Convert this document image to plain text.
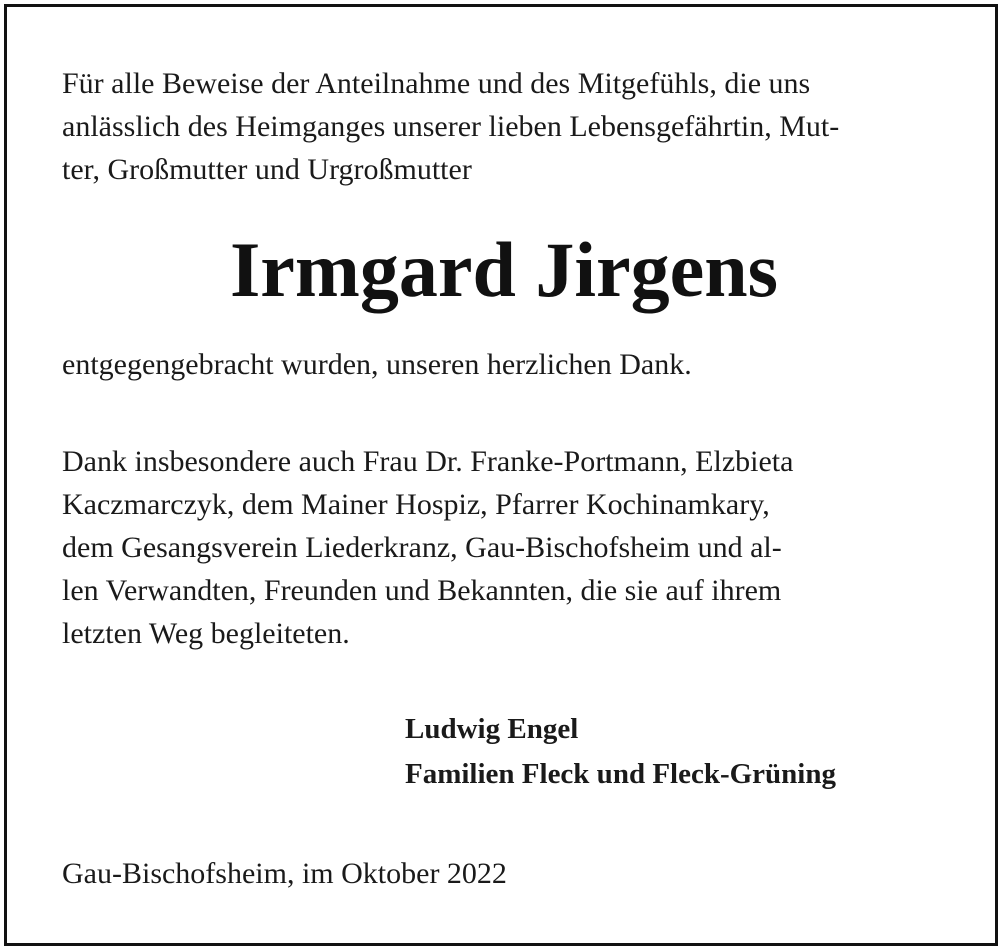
Für alle Beweise der Anteilnahme und des Mitgefühls, die uns
anlässlich des Heimganges unserer lieben Lebensgefährtin, Mut-
ter, Großmutter und Urgroßmutter
Irmgard Jirgens
entgegengebracht wurden, unseren herzlichen Dank.
Dank insbesondere auch Frau Dr. Franke-Portmann, Elzbieta
Kaczmarczyk, dem Mainer Hospiz, Pfarrer Kochinamkary,
dem Gesangsverein Liederkranz, Gau-Bischofsheim und al-
len Verwandten, Freunden und Bekannten, die sie auf ihrem
letzten Weg begleiteten.
Ludwig Engel
Familien Fleck und Fleck-Grüning
Gau-Bischofsheim, im Oktober 2022
